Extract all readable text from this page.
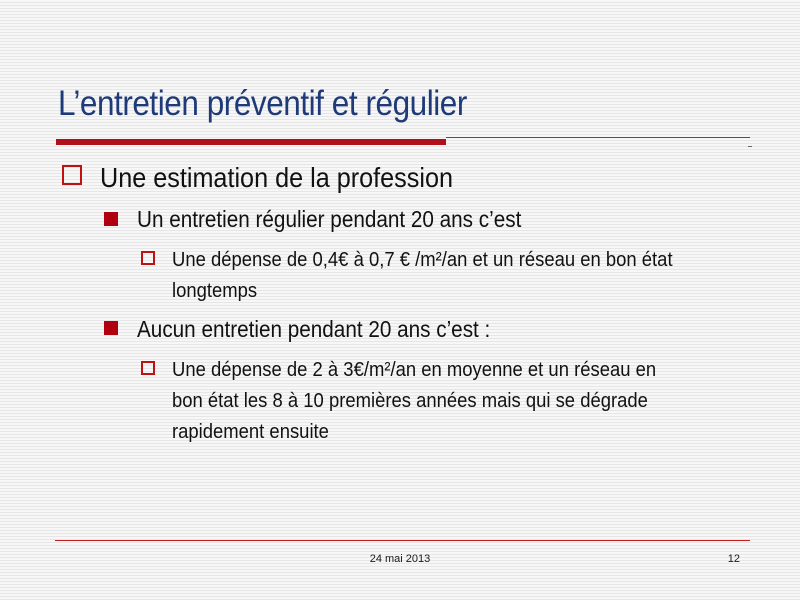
L’entretien préventif et régulier
Une estimation de la profession
Un entretien régulier pendant 20 ans c’est
Une dépense de 0,4€ à 0,7 € /m²/an et un réseau en bon état
longtemps
Aucun entretien pendant 20 ans c’est :
Une dépense de 2 à 3€/m²/an en moyenne et un réseau en
bon état les 8 à 10 premières années mais qui se dégrade
rapidement ensuite
24 mai 2013	12
